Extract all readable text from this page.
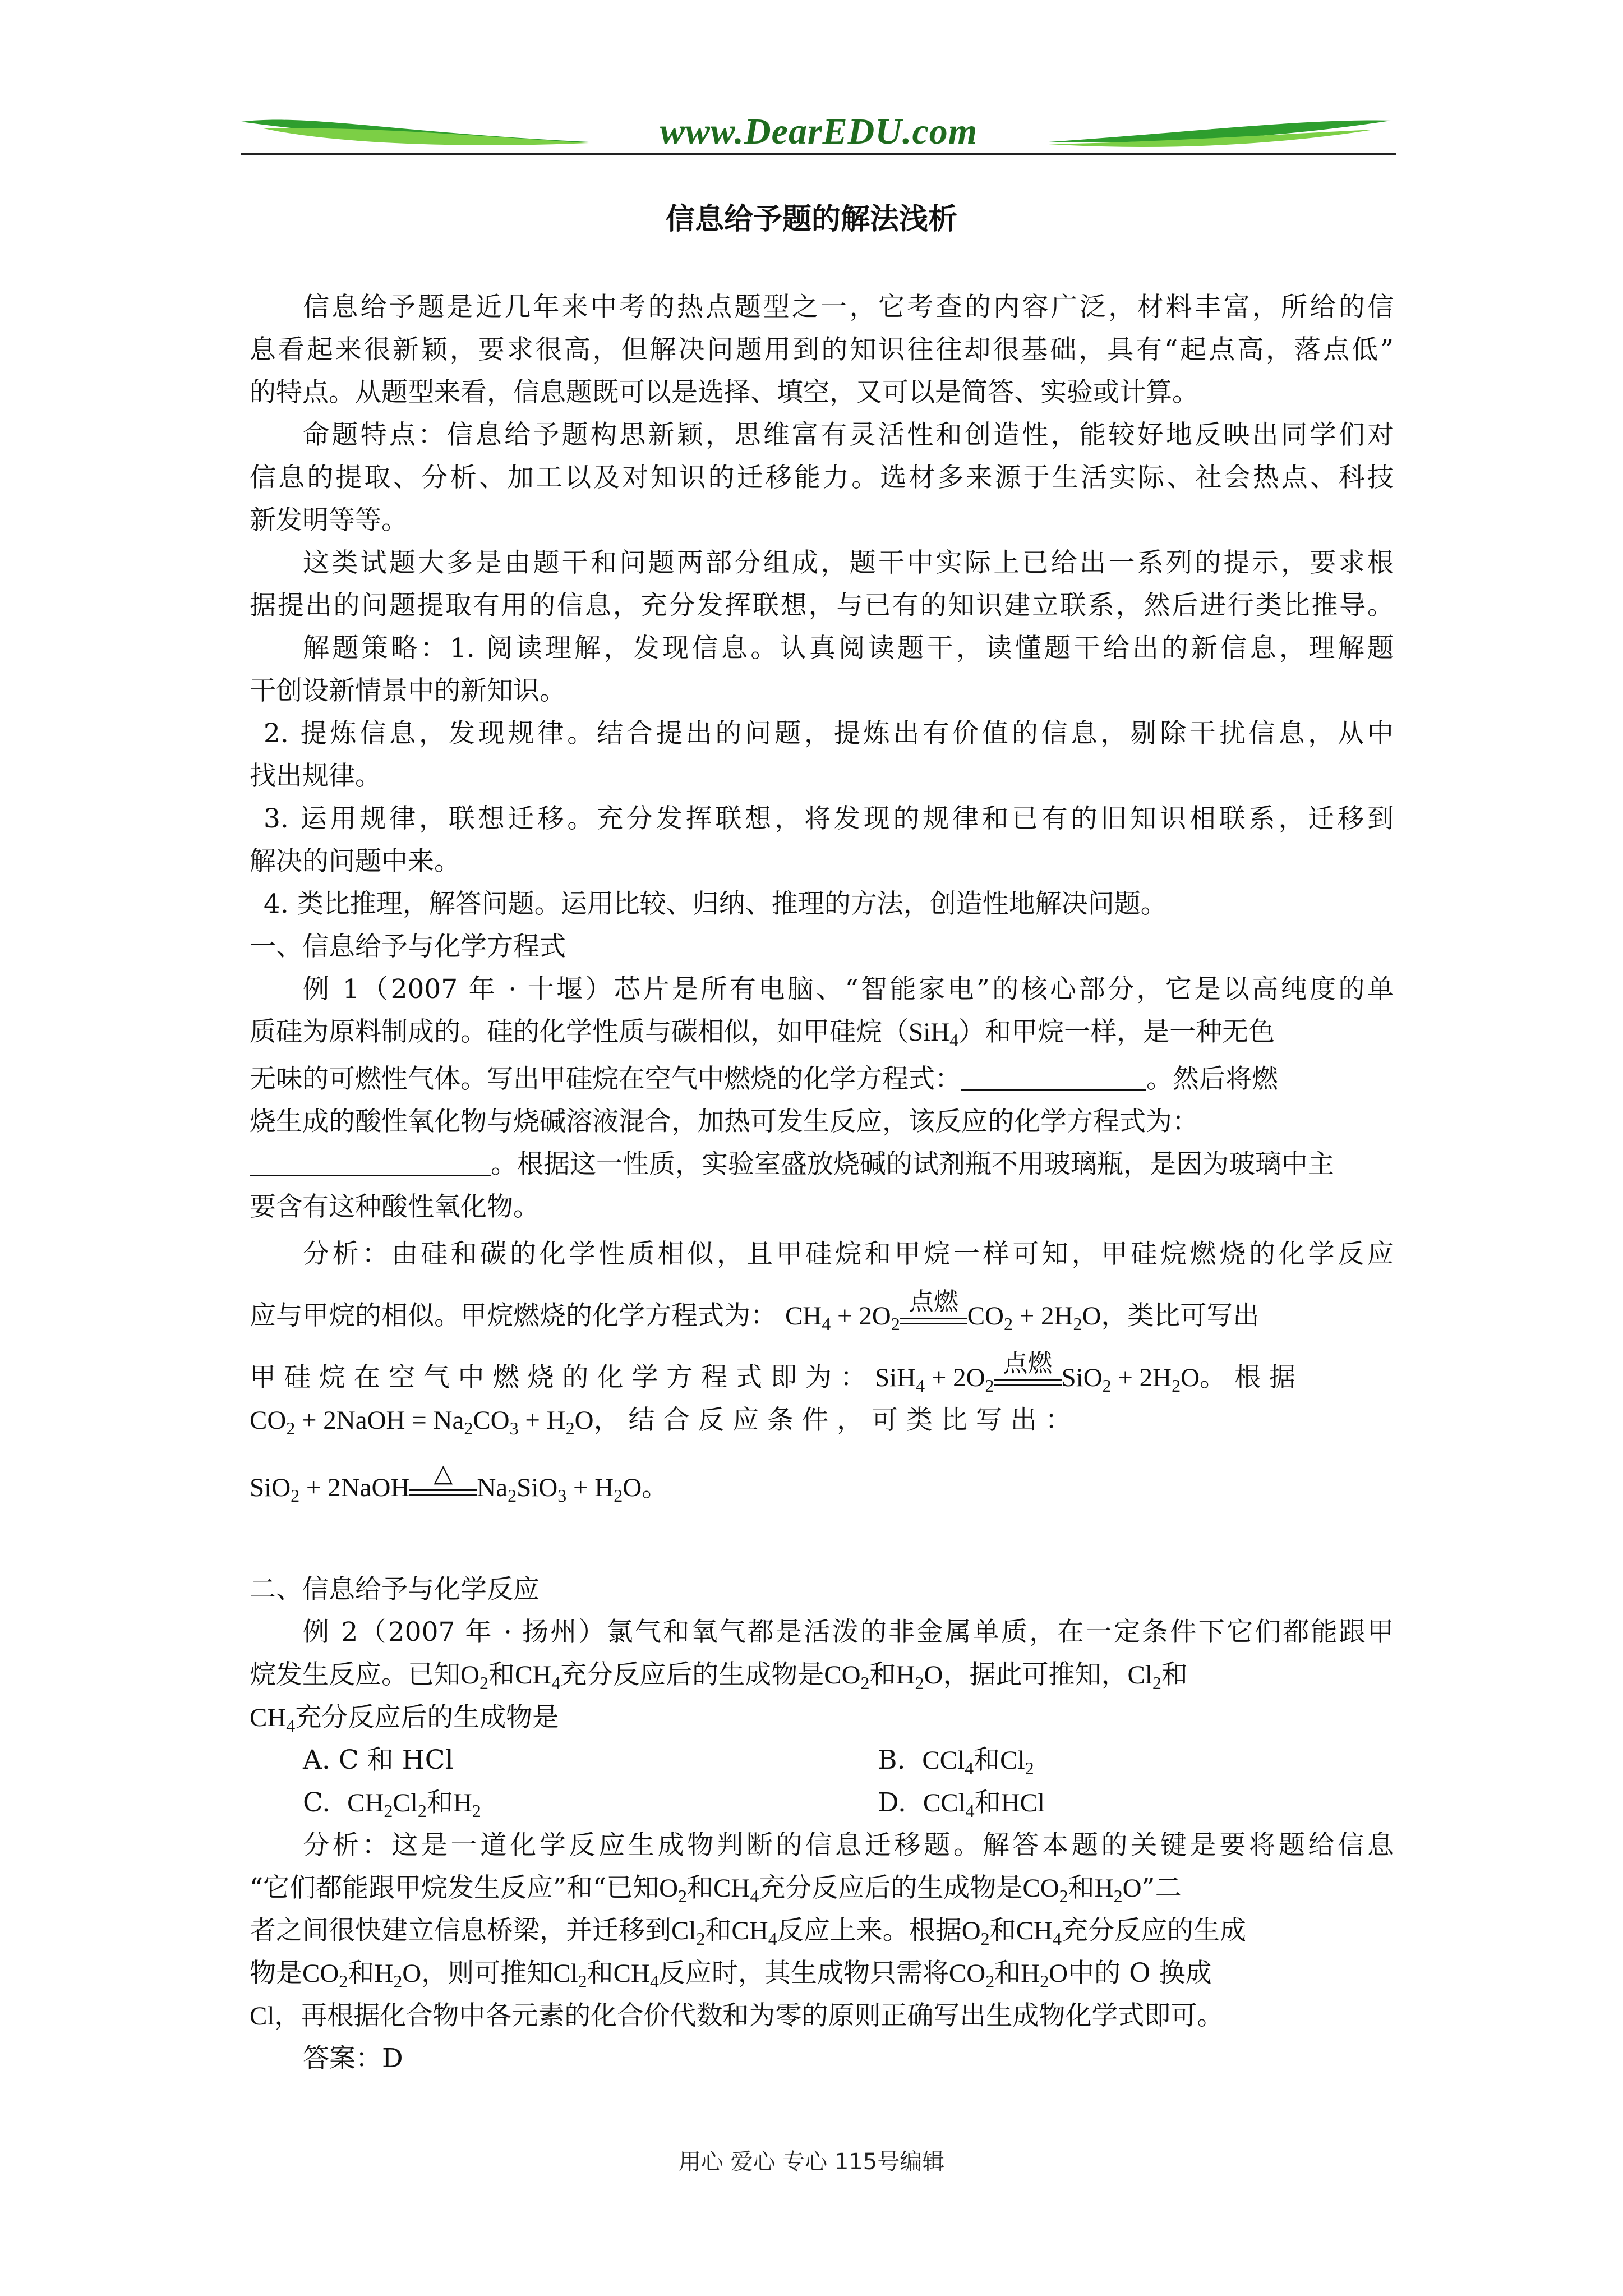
www.DearEDU.com
信息给予题的解法浅析
信息给予题是近几年来中考的热点题型之一，它考查的内容广泛，材料丰富，所给的信
息看起来很新颖，要求很高，但解决问题用到的知识往往却很基础，具有“起点高，落点低”
的特点。从题型来看，信息题既可以是选择、填空，又可以是简答、实验或计算。
命题特点：信息给予题构思新颖，思维富有灵活性和创造性，能较好地反映出同学们对
信息的提取、分析、加工以及对知识的迁移能力。选材多来源于生活实际、社会热点、科技
新发明等等。
这类试题大多是由题干和问题两部分组成，题干中实际上已给出一系列的提示，要求根
据提出的问题提取有用的信息，充分发挥联想，与已有的知识建立联系，然后进行类比推导。
解题策略：1. 阅读理解，发现信息。认真阅读题干，读懂题干给出的新信息，理解题
干创设新情景中的新知识。
2. 提炼信息，发现规律。结合提出的问题，提炼出有价值的信息，剔除干扰信息，从中
找出规律。
3. 运用规律，联想迁移。充分发挥联想，将发现的规律和已有的旧知识相联系，迁移到
解决的问题中来。
4. 类比推理，解答问题。运用比较、归纳、推理的方法，创造性地解决问题。
一、信息给予与化学方程式
例 1（2007 年 · 十堰）芯片是所有电脑、“智能家电”的核心部分，它是以高纯度的单
质硅为原料制成的。硅的化学性质与碳相似，如甲硅烷（SiH$_4$）和甲烷一样，是一种无色
无味的可燃性气体。写出甲硅烷在空气中燃烧的化学方程式：	。然后将燃
烧生成的酸性氧化物与烧碱溶液混合，加热可发生反应，该反应的化学方程式为：
。根据这一性质，实验室盛放烧碱的试剂瓶不用玻璃瓶，是因为玻璃中主
要含有这种酸性氧化物。
分析：由硅和碳的化学性质相似，且甲硅烷和甲烷一样可知，甲硅烷燃烧的化学反应
应与甲烷的相似。甲烷燃烧的化学方程式为： $CH_4 + 2O_2$
点燃 $CO_2 + 2H_2O$，类比可写出
甲 硅 烷 在 空 气 中 燃 烧 的 化 学 方 程 式 即 为 ： $SiH_4 + 2O_2$
点燃 $SiO_2 + 2H_2O$。 根 据
$CO_2$ + 2NaOH = $Na_2CO_3 + H_2O$， 结 合 反 应 条 件 ， 可 类 比 写 出 ：
SiO$_2$ + 2NaOH △ $Na_2SiO_3 + H_2O$。
二、信息给予与化学反应
例 2（2007 年 · 扬州）氯气和氧气都是活泼的非金属单质，在一定条件下它们都能跟甲
烷发生反应。已知$O_2$和$CH_4$充分反应后的生成物是$CO_2$和$H_2O$，据此可推知，$Cl_2$和
$CH_4$充分反应后的生成物是
A. C 和 HCl	B. CCl$_4$和$Cl_2$
C. $CH_2Cl_2$和$H_2$	D. CCl$_4$和HCl
分析：这是一道化学反应生成物判断的信息迁移题。解答本题的关键是要将题给信息
“它们都能跟甲烷发生反应”和“已知$O_2$和$CH_4$充分反应后的生成物是$CO_2$和$H_2O$”二
者之间很快建立信息桥梁，并迁移到$Cl_2$和$CH_4$反应上来。根据$O_2$和$CH_4$充分反应的生成
物是$CO_2$和$H_2O$，则可推知$Cl_2$和$CH_4$反应时，其生成物只需将$CO_2$和$H_2O$中的 O 换成
Cl，再根据化合物中各元素的化合价代数和为零的原则正确写出生成物化学式即可。
答案：D
用心 爱心 专心 115号编辑
